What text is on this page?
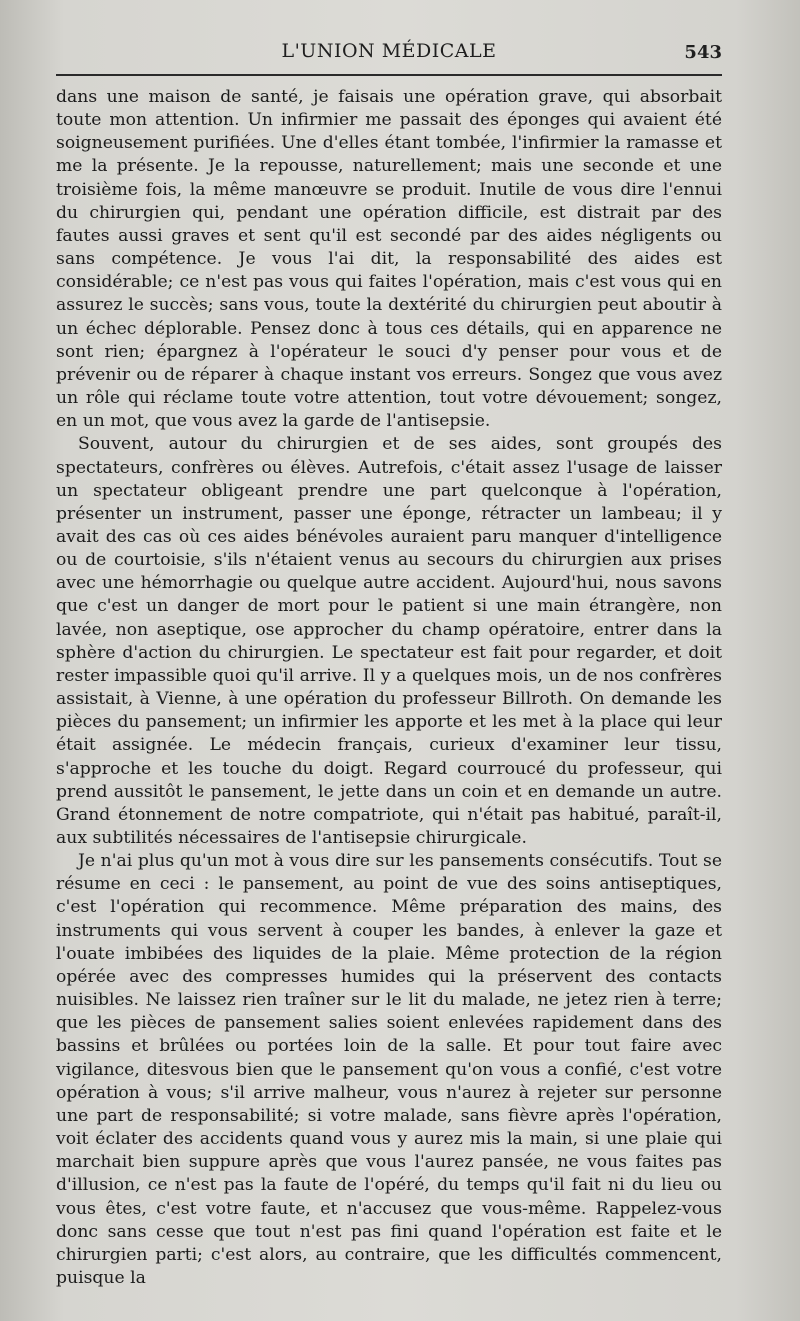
L'UNION MÉDICALE	543

dans une maison de santé, je faisais une opération grave, qui absorbait toute mon attention. Un infirmier me passait des éponges qui avaient été soigneusement purifiées. Une d'elles étant tombée, l'infirmier la ramasse et me la présente. Je la repousse, naturellement; mais une seconde et une troisième fois, la même manœuvre se produit. Inutile de vous dire l'ennui du chirurgien qui, pendant une opération difficile, est distrait par des fautes aussi graves et sent qu'il est secondé par des aides négligents ou sans compétence. Je vous l'ai dit, la responsabilité des aides est considérable; ce n'est pas vous qui faites l'opération, mais c'est vous qui en assurez le succès; sans vous, toute la dextérité du chirurgien peut aboutir à un échec déplorable. Pensez donc à tous ces détails, qui en apparence ne sont rien; épargnez à l'opérateur le souci d'y penser pour vous et de prévenir ou de réparer à chaque instant vos erreurs. Songez que vous avez un rôle qui réclame toute votre attention, tout votre dévouement; songez, en un mot, que vous avez la garde de l'antisepsie.

Souvent, autour du chirurgien et de ses aides, sont groupés des spectateurs, confrères ou élèves. Autrefois, c'était assez l'usage de laisser un spectateur obligeant prendre une part quelconque à l'opération, présenter un instrument, passer une éponge, rétracter un lambeau; il y avait des cas où ces aides bénévoles auraient paru manquer d'intelligence ou de courtoisie, s'ils n'étaient venus au secours du chirurgien aux prises avec une hémorrhagie ou quelque autre accident. Aujourd'hui, nous savons que c'est un danger de mort pour le patient si une main étrangère, non lavée, non aseptique, ose approcher du champ opératoire, entrer dans la sphère d'action du chirurgien. Le spectateur est fait pour regarder, et doit rester impassible quoi qu'il arrive. Il y a quelques mois, un de nos confrères assistait, à Vienne, à une opération du professeur Billroth. On demande les pièces du pansement; un infirmier les apporte et les met à la place qui leur était assignée. Le médecin français, curieux d'examiner leur tissu, s'approche et les touche du doigt. Regard courroucé du professeur, qui prend aussitôt le pansement, le jette dans un coin et en demande un autre. Grand étonnement de notre compatriote, qui n'était pas habitué, paraît-il, aux subtilités nécessaires de l'antisepsie chirurgicale.

Je n'ai plus qu'un mot à vous dire sur les pansements consécutifs. Tout se résume en ceci : le pansement, au point de vue des soins antiseptiques, c'est l'opération qui recommence. Même préparation des mains, des instruments qui vous servent à couper les bandes, à enlever la gaze et l'ouate imbibées des liquides de la plaie. Même protection de la région opérée avec des compresses humides qui la préservent des contacts nuisibles. Ne laissez rien traîner sur le lit du malade, ne jetez rien à terre; que les pièces de pansement salies soient enlevées rapidement dans des bassins et brûlées ou portées loin de la salle. Et pour tout faire avec vigilance, ditesvous bien que le pansement qu'on vous a confié, c'est votre opération à vous; s'il arrive malheur, vous n'aurez à rejeter sur personne une part de responsabilité; si votre malade, sans fièvre après l'opération, voit éclater des accidents quand vous y aurez mis la main, si une plaie qui marchait bien suppure après que vous l'aurez pansée, ne vous faites pas d'illusion, ce n'est pas la faute de l'opéré, du temps qu'il fait ni du lieu ou vous êtes, c'est votre faute, et n'accusez que vous-même. Rappelez-vous donc sans cesse que tout n'est pas fini quand l'opération est faite et le chirurgien parti; c'est alors, au contraire, que les difficultés commencent, puisque la
